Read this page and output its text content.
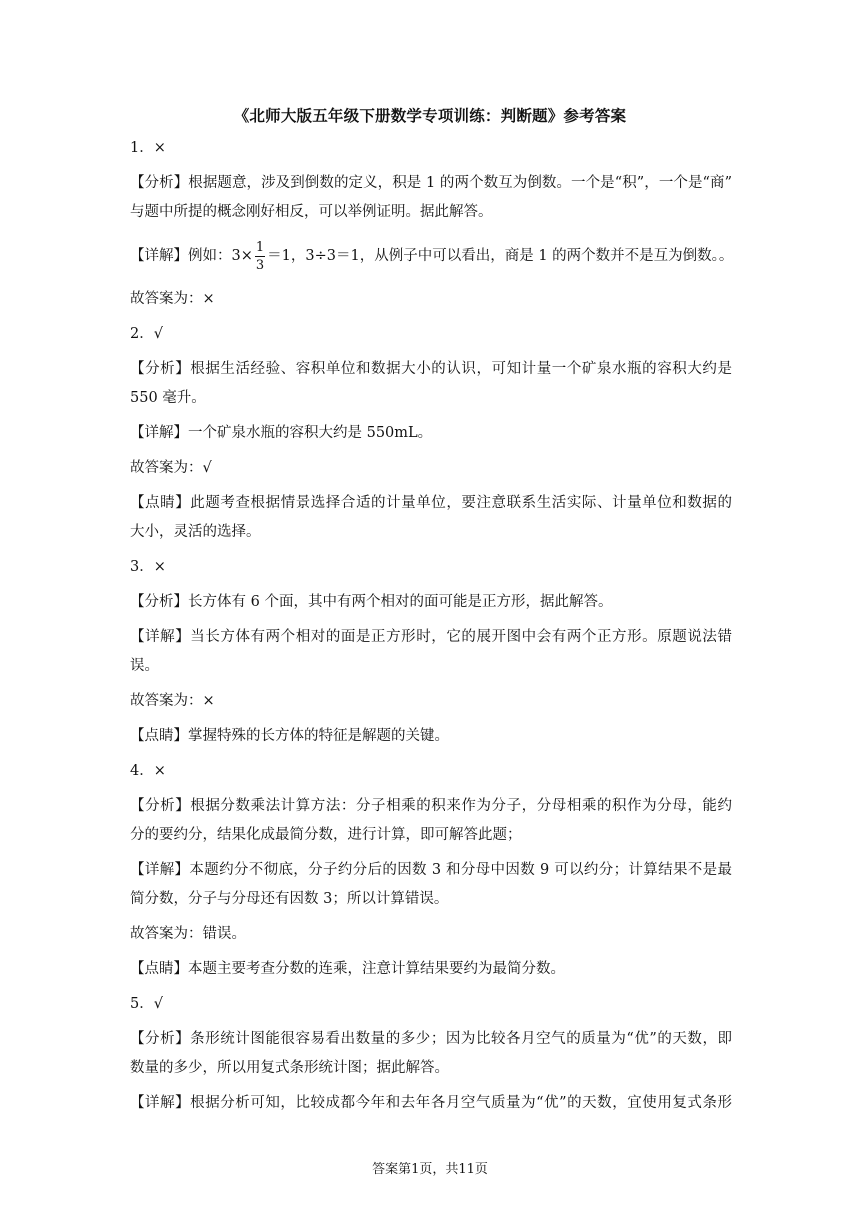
《北师大版五年级下册数学专项训练：判断题》参考答案
1．×
【分析】根据题意，涉及到倒数的定义，积是 1 的两个数互为倒数。一个是“积”，一个是“商”
与题中所提的概念刚好相反，可以举例证明。据此解答。
【详解】例如：$3\times \frac{1}{3} =1$，3÷3＝1，从例子中可以看出，商是 1 的两个数并不是互为倒数。。
故答案为：×
2．√
【分析】根据生活经验、容积单位和数据大小的认识，可知计量一个矿泉水瓶的容积大约是
550 毫升。
【详解】一个矿泉水瓶的容积大约是 550mL。
故答案为：√
【点睛】此题考查根据情景选择合适的计量单位，要注意联系生活实际、计量单位和数据的
大小，灵活的选择。
3．×
【分析】长方体有 6 个面，其中有两个相对的面可能是正方形，据此解答。
【详解】当长方体有两个相对的面是正方形时，它的展开图中会有两个正方形。原题说法错
误。
故答案为：×
【点睛】掌握特殊的长方体的特征是解题的关键。
4．×
【分析】根据分数乘法计算方法：分子相乘的积来作为分子，分母相乘的积作为分母，能约
分的要约分，结果化成最简分数，进行计算，即可解答此题；
【详解】本题约分不彻底，分子约分后的因数 3 和分母中因数 9 可以约分；计算结果不是最
简分数，分子与分母还有因数 3；所以计算错误。
故答案为：错误。
【点睛】本题主要考查分数的连乘，注意计算结果要约为最简分数。
5．√
【分析】条形统计图能很容易看出数量的多少；因为比较各月空气的质量为“优”的天数，即
数量的多少，所以用复式条形统计图；据此解答。
【详解】根据分析可知，比较成都今年和去年各月空气质量为“优”的天数，宜使用复式条形
答案第1页，共11页
